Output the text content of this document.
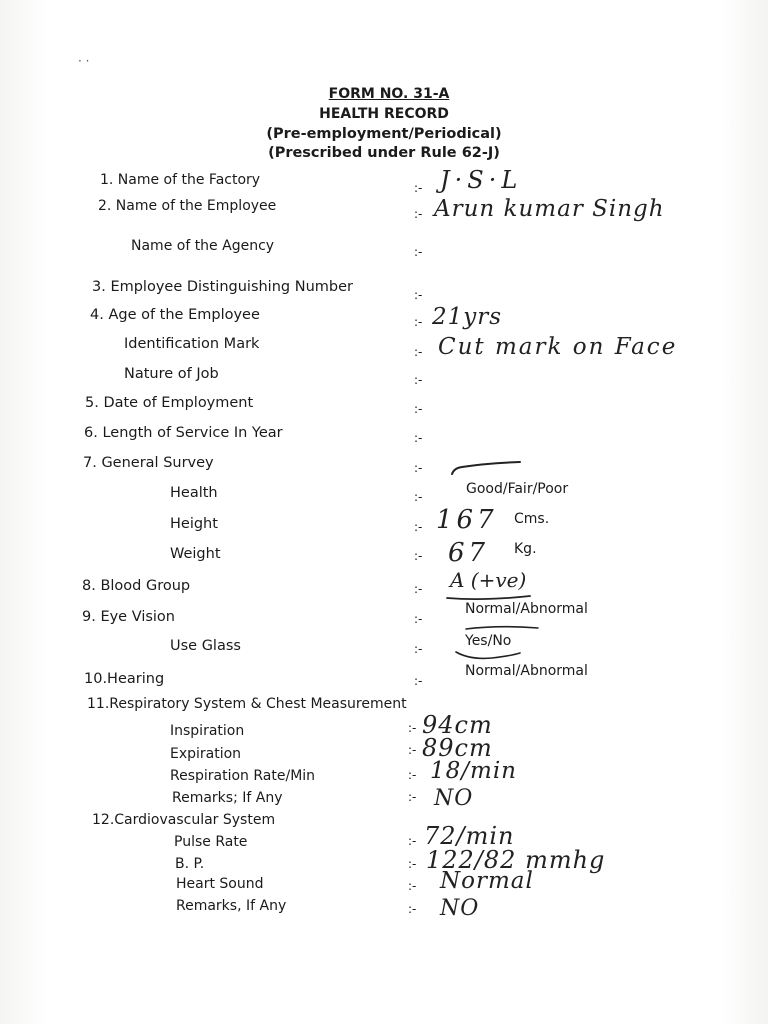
· ·
FORM NO. 31-A
HEALTH RECORD
(Pre-employment/Periodical)
(Prescribed under Rule 62-J)
1. Name of the Factory	:- J·S·L
2. Name of the Employee	:- Arun kumar Singh
Name of the Agency	:-
3. Employee Distinguishing Number	:-
4. Age of the Employee	:- 21yrs
Identification Mark	:- Cut mark on Face
Nature of Job	:-
5. Date of Employment	:-
6. Length of Service In Year	:-
7. General Survey	:-
Health	:-	Good/Fair/Poor
Height	:- 167 Cms.
Weight	:- 67 Kg.
8. Blood Group	:- A (+ve)
9. Eye Vision	:-
Normal/Abnormal
Use Glass	:-	Yes/No
10.Hearing	:-
Normal/Abnormal
11.Respiratory System & Chest Measurement
Inspiration	:- 94cm
Expiration	:- 89cm
Respiration Rate/Min	:- 18/min
Remarks; If Any	:- NO
12.Cardiovascular System
Pulse Rate	:- 72/min
B. P.	:- 122/82 mmhg
Heart Sound	:- Normal
Remarks, If Any	:- NO
